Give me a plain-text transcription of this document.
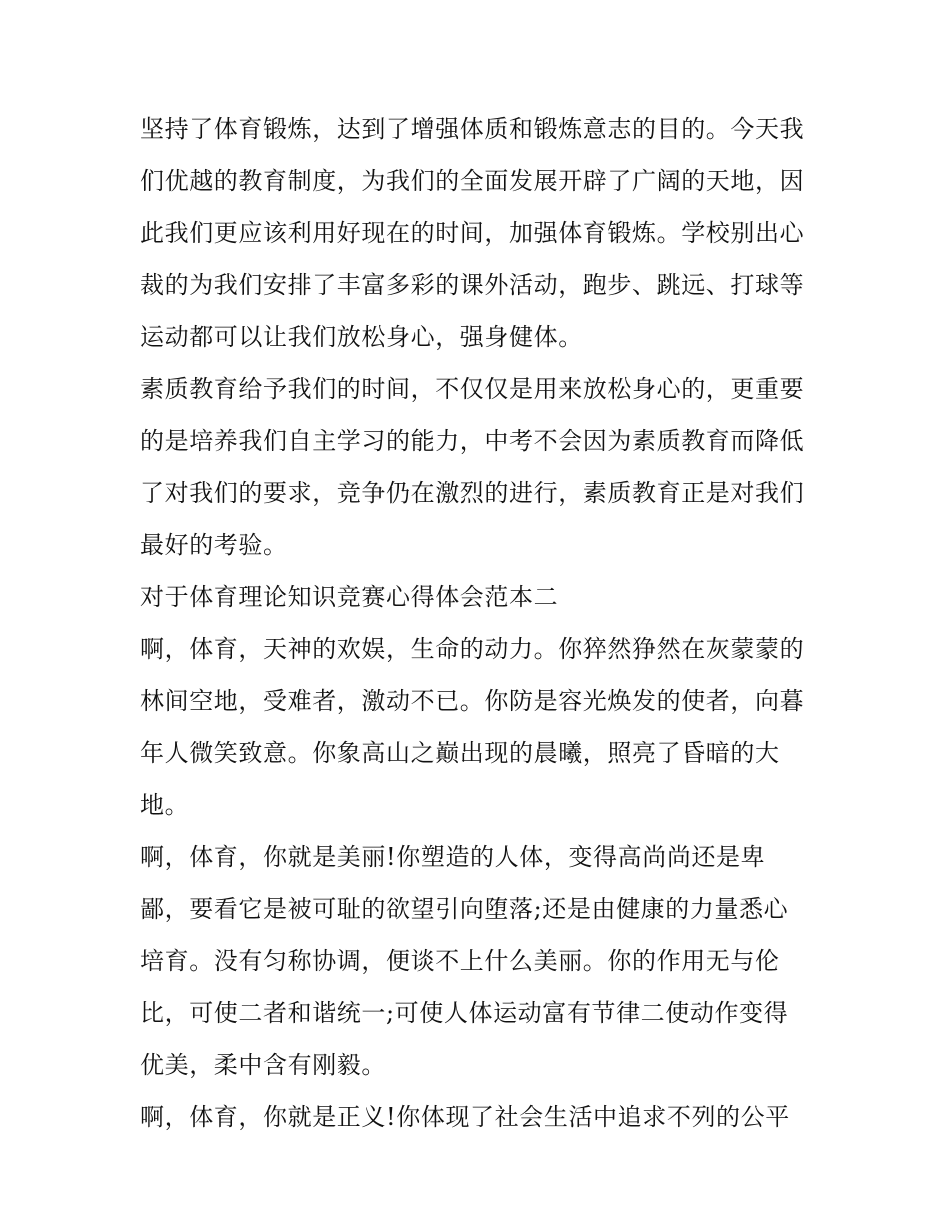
坚持了体育锻炼，达到了增强体质和锻炼意志的目的。今天我
们优越的教育制度，为我们的全面发展开辟了广阔的天地，因
此我们更应该利用好现在的时间，加强体育锻炼。学校别出心
裁的为我们安排了丰富多彩的课外活动，跑步、跳远、打球等
运动都可以让我们放松身心，强身健体。
素质教育给予我们的时间，不仅仅是用来放松身心的，更重要
的是培养我们自主学习的能力，中考不会因为素质教育而降低
了对我们的要求，竞争仍在激烈的进行，素质教育正是对我们
最好的考验。
对于体育理论知识竞赛心得体会范本二
啊，体育，天神的欢娱，生命的动力。你猝然狰然在灰蒙蒙的
林间空地，受难者，激动不已。你防是容光焕发的使者，向暮
年人微笑致意。你象高山之巅出现的晨曦，照亮了昏暗的大
地。
啊，体育，你就是美丽!你塑造的人体，变得高尚尚还是卑
鄙，要看它是被可耻的欲望引向堕落;还是由健康的力量悉心
培育。没有匀称协调，便谈不上什么美丽。你的作用无与伦
比，可使二者和谐统一;可使人体运动富有节律二使动作变得
优美，柔中含有刚毅。
啊，体育，你就是正义!你体现了社会生活中追求不列的公平
